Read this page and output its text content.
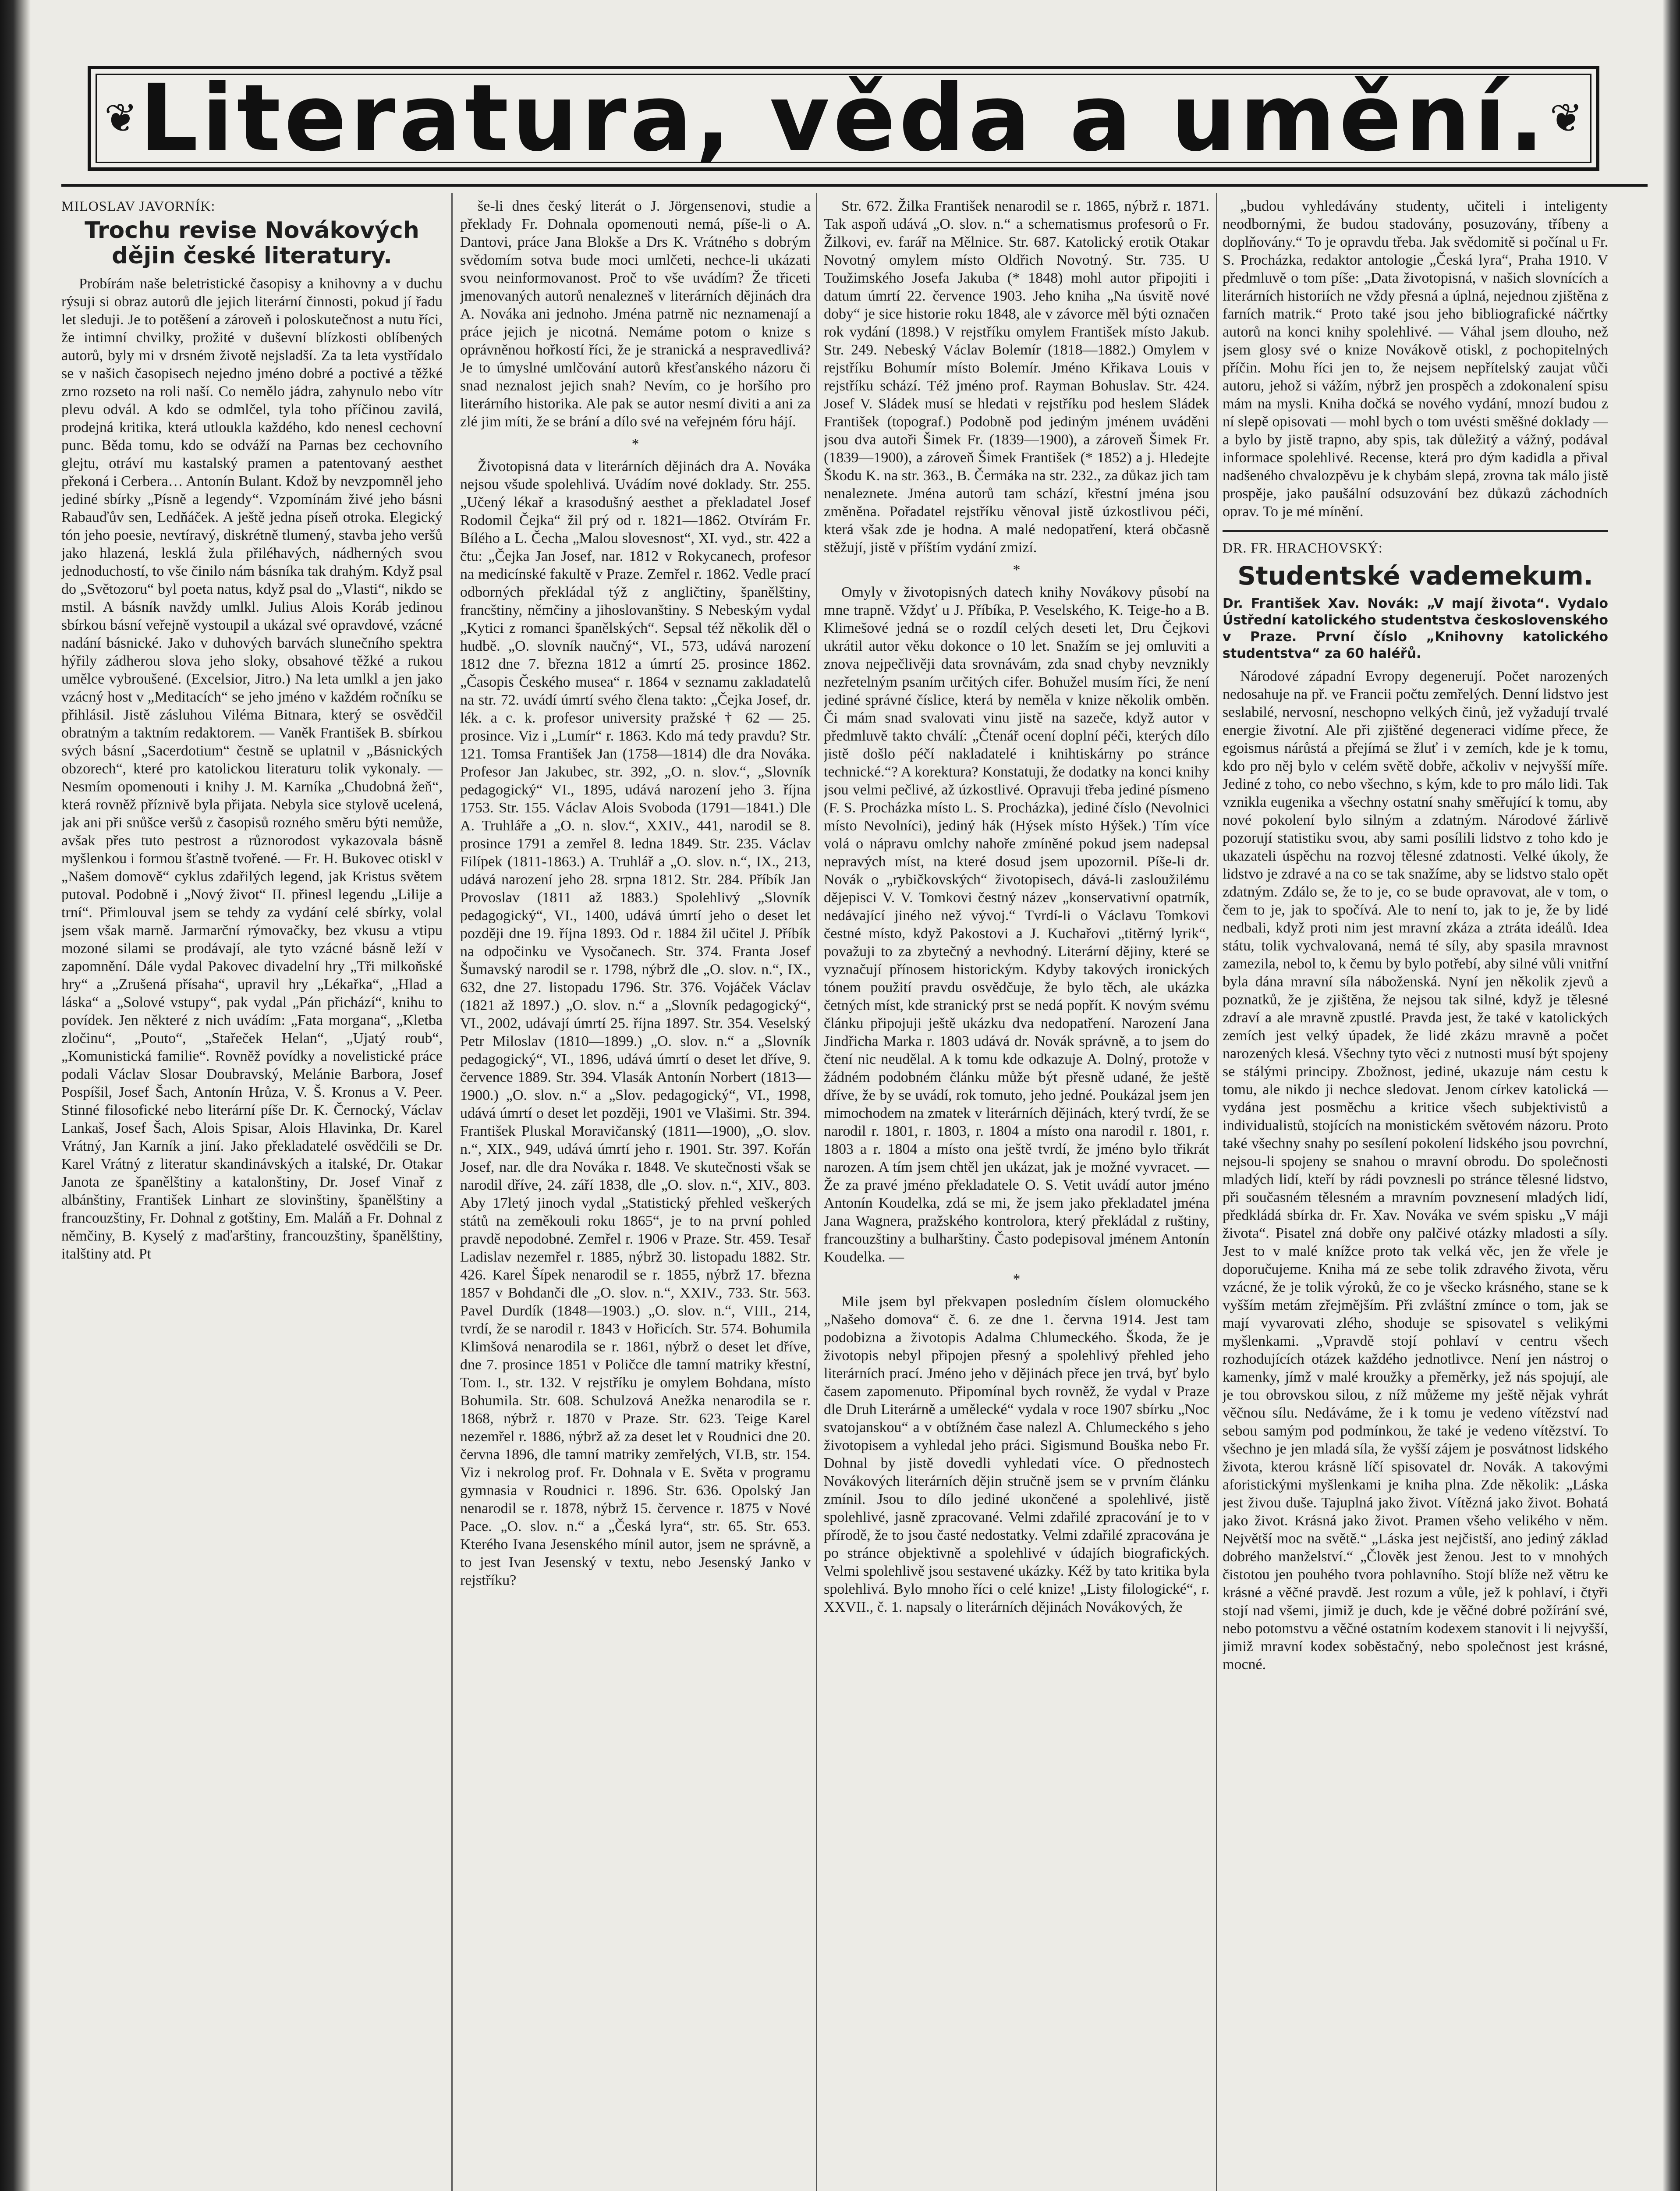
❦ Literatura, věda a umění. ❦
MILOSLAV JAVORNÍK:
Trochu revise Novákových dějin české literatury.

Probírám naše beletristické časopisy a knihovny a v duchu rýsuji si obraz autorů dle jejich literární činnosti, pokud jí řadu let sleduji. Je to potěšení a zároveň i poloskutečnost a nutu říci, že intimní chvilky, prožité v duševní blízkosti oblíbených autorů, byly mi v drsném životě nejsladší. Za ta leta vystřídalo se v našich časopisech nejedno jméno dobré a poctivé a těžké zrno rozseto na roli naší. Co nemělo jádra, zahynulo nebo vítr plevu odvál. A kdo se odmlčel, tyla toho příčinou zavilá, prodejná kritika, která utloukla každého, kdo nenesl cechovní punc. Běda tomu, kdo se odváží na Parnas bez cechovního glejtu, otráví mu kastalský pramen a patentovaný aesthet překoná i Cerbera… Antonín Bulant. Kdož by nevzpomněl jeho jediné sbírky „Písně a legendy“. Vzpomínám živé jeho básni Rabauďův sen, Ledňáček. A ještě jedna píseň otroka. Elegický tón jeho poesie, nevtíravý, diskrétně tlumený, stavba jeho veršů jako hlazená, lesklá žula přiléhavých, nádherných svou jednoduchostí, to vše činilo nám básníka tak drahým. Když psal do „Světozoru“ byl poeta natus, když psal do „Vlasti“, nikdo se mstil. A básník navždy umlkl. Julius Alois Koráb jedinou sbírkou básní veřejně vystoupil a ukázal své opravdové, vzácné nadání básnické. Jako v duhových barvách slunečního spektra hýřily zádherou slova jeho sloky, obsahové těžké a rukou umělce vybroušené. (Excelsior, Jitro.) Na leta umlkl a jen jako vzácný host v „Meditacích“ se jeho jméno v každém ročníku se přihlásil. Jistě zásluhou Viléma Bitnara, který se osvědčil obratným a taktním redaktorem. — Vaněk František B. sbírkou svých básní „Sacerdotium“ čestně se uplatnil v „Básnických obzorech“, které pro katolickou literaturu tolik vykonaly. — Nesmím opomenouti i knihy J. M. Karníka „Chudobná žeň“, která rovněž příznivě byla přijata. Nebyla sice stylově ucelená, jak ani při snůšce veršů z časopisů rozného směru býti nemůže, avšak přes tuto pestrost a různorodost vykazovala básně myšlenkou i formou šťastně tvořené. — Fr. H. Bukovec otiskl v „Našem domově“ cyklus zdařilých legend, jak Kristus světem putoval. Podobně i „Nový život“ II. přinesl legendu „Lilije a trní“. Přimlouval jsem se tehdy za vydání celé sbírky, volal jsem však marně. Jarmarční rýmovačky, bez vkusu a vtipu mozoné silami se prodávají, ale tyto vzácné básně leží v zapomnění. Dále vydal Pakovec divadelní hry „Tři milkoňské hry“ a „Zrušená přísaha“, upravil hry „Lékařka“, „Hlad a láska“ a „Solové vstupy“, pak vydal „Pán přichází“, knihu to povídek. Jen některé z nich uvádím: „Fata morgana“, „Kletba zločinu“, „Pouto“, „Stařeček Helan“, „Ujatý roub“, „Komunistická familie“. Rovněž povídky a novelistické práce podali Václav Slosar Doubravský, Melánie Barbora, Josef Pospíšil, Josef Šach, Antonín Hrůza, V. Š. Kronus a V. Peer. Stinné filosofické nebo literární píše Dr. K. Černocký, Václav Lankaš, Josef Šach, Alois Spisar, Alois Hlavinka, Dr. Karel Vrátný, Jan Karník a jiní. Jako překladatelé osvědčili se Dr. Karel Vrátný z literatur skandinávských a italské, Dr. Otakar Janota ze španělštiny a katalonštiny, Dr. Josef Vinař z albánštiny, František Linhart ze slovinštiny, španělštiny a francouzštiny, Fr. Dohnal z gotštiny, Em. Maláň a Fr. Dohnal z němčiny, B. Kyselý z maďarštiny, francouzštiny, španělštiny, italštiny atd. Pt

še-li dnes český literát o J. Jörgensenovi, studie a překlady Fr. Dohnala opomenouti nemá, píše-li o A. Dantovi, práce Jana Blokše a Drs K. Vrátného s dobrým svědomím sotva bude moci umlčeti, nechce-li ukázati svou neinformovanost. Proč to vše uvádím? Že třiceti jmenovaných autorů nenalezneš v literárních dějinách dra A. Nováka ani jednoho. Jména patrně nic neznamenají a práce jejich je nicotná. Nemáme potom o knize s oprávněnou hořkostí říci, že je stranická a nespravedlivá? Je to úmyslné umlčování autorů křesťanského názoru či snad neznalost jejich snah? Nevím, co je horšího pro literárního historika. Ale pak se autor nesmí diviti a ani za zlé jim míti, že se brání a dílo své na veřejném fóru hájí.

*

Životopisná data v literárních dějinách dra A. Nováka nejsou všude spolehlivá. Uvádím nové doklady. Str. 255. „Učený lékař a krasodušný aesthet a překladatel Josef Rodomil Čejka“ žil prý od r. 1821—1862. Otvírám Fr. Bílého a L. Čecha „Malou slovesnost“, XI. vyd., str. 422 a čtu: „Čejka Jan Josef, nar. 1812 v Rokycanech, profesor na medicínské fakultě v Praze. Zemřel r. 1862. Vedle prací odborných překládal týž z angličtiny, španělštiny, francštiny, němčiny a jihoslovanštiny. S Nebeským vydal „Kytici z romanci španělských“. Sepsal též několik děl o hudbě. „O. slovník naučný“, VI., 573, udává narození 1812 dne 7. března 1812 a úmrtí 25. prosince 1862. „Časopis Českého musea“ r. 1864 v seznamu zakladatelů na str. 72. uvádí úmrtí svého člena takto: „Čejka Josef, dr. lék. a c. k. profesor university pražské † 62 — 25. prosince. Viz i „Lumír“ r. 1863. Kdo má tedy pravdu? Str. 121. Tomsa František Jan (1758—1814) dle dra Nováka. Profesor Jan Jakubec, str. 392, „O. n. slov.“, „Slovník pedagogický“ VI., 1895, udává narození jeho 3. října 1753. Str. 155. Václav Alois Svoboda (1791—1841.) Dle A. Truhláře a „O. n. slov.“, XXIV., 441, narodil se 8. prosince 1791 a zemřel 8. ledna 1849. Str. 235. Václav Filípek (1811-1863.) A. Truhlář a „O. slov. n.“, IX., 213, udává narození jeho 28. srpna 1812. Str. 284. Příbík Jan Provoslav (1811 až 1883.) Spolehlivý „Slovník pedagogický“, VI., 1400, udává úmrtí jeho o deset let později dne 19. října 1893. Od r. 1884 žil učitel J. Příbík na odpočinku ve Vysočanech. Str. 374. Franta Josef Šumavský narodil se r. 1798, nýbrž dle „O. slov. n.“, IX., 632, dne 27. listopadu 1796. Str. 376. Vojáček Václav (1821 až 1897.) „O. slov. n.“ a „Slovník pedagogický“, VI., 2002, udávají úmrtí 25. října 1897. Str. 354. Veselský Petr Miloslav (1810—1899.) „O. slov. n.“ a „Slovník pedagogický“, VI., 1896, udává úmrtí o deset let dříve, 9. července 1889. Str. 394. Vlasák Antonín Norbert (1813—1900.) „O. slov. n.“ a „Slov. pedagogický“, VI., 1998, udává úmrtí o deset let později, 1901 ve Vlašimi. Str. 394. František Pluskal Moravičanský (1811—1900), „O. slov. n.“, XIX., 949, udává úmrtí jeho r. 1901. Str. 397. Kořán Josef, nar. dle dra Nováka r. 1848. Ve skutečnosti však se narodil dříve, 24. září 1838, dle „O. slov. n.“, XIV., 803. Aby 17letý jinoch vydal „Statistický přehled veškerých států na zeměkouli roku 1865“, je to na první pohled pravdě nepodobné. Zemřel r. 1906 v Praze. Str. 459. Tesař Ladislav nezemřel r. 1885, nýbrž 30. listopadu 1882. Str. 426. Karel Šípek nenarodil se r. 1855, nýbrž 17. března 1857 v Bohdanči dle „O. slov. n.“, XXIV., 733. Str. 563. Pavel Durdík (1848—1903.) „O. slov. n.“, VIII., 214, tvrdí, že se narodil r. 1843 v Hořicích. Str. 574. Bohumila Klimšová nenarodila se r. 1861, nýbrž o deset let dříve, dne 7. prosince 1851 v Poličce dle tamní matriky křestní, Tom. I., str. 132. V rejstříku je omylem Bohdana, místo Bohumila. Str. 608. Schulzová Anežka nenarodila se r. 1868, nýbrž r. 1870 v Praze. Str. 623. Teige Karel nezemřel r. 1886, nýbrž až za deset let v Roudnici dne 20. června 1896, dle tamní matriky zemřelých, VI.B, str. 154. Viz i nekrolog prof. Fr. Dohnala v E. Světa v programu gymnasia v Roudnici r. 1896. Str. 636. Opolský Jan nenarodil se r. 1878, nýbrž 15. července r. 1875 v Nové Pace. „O. slov. n.“ a „Česká lyra“, str. 65. Str. 653. Kterého Ivana Jesenského mínil autor, jsem ne správně, a to jest Ivan Jesenský v textu, nebo Jesenský Janko v rejstříku?

Str. 672. Žilka František nenarodil se r. 1865, nýbrž r. 1871. Tak aspoň udává „O. slov. n.“ a schematismus profesorů o Fr. Žilkovi, ev. farář na Mělnice. Str. 687. Katolický erotik Otakar Novotný omylem místo Oldřich Novotný. Str. 735. U Toužimského Josefa Jakuba (* 1848) mohl autor připojiti i datum úmrtí 22. července 1903. Jeho kniha „Na úsvitě nové doby“ je sice historie roku 1848, ale v závorce měl býti označen rok vydání (1898.) V rejstříku omylem František místo Jakub. Str. 249. Nebeský Václav Bolemír (1818—1882.) Omylem v rejstříku Bohumír místo Bolemír. Jméno Křikava Louis v rejstříku schází. Též jméno prof. Rayman Bohuslav. Str. 424. Josef V. Sládek musí se hledati v rejstříku pod heslem Sládek František (topograf.) Podobně pod jediným jménem uváděni jsou dva autoři Šimek Fr. (1839—1900), a zároveň Šimek Fr. (1839—1900), a zároveň Šimek František (* 1852) a j. Hledejte Škodu K. na str. 363., B. Čermáka na str. 232., za důkaz jich tam nenaleznete. Jména autorů tam schází, křestní jména jsou změněna. Pořadatel rejstříku věnoval jistě úzkostlivou péči, která však zde je hodna. A malé nedopatření, která občasně stěžují, jistě v příštím vydání zmizí.

*

Omyly v životopisných datech knihy Novákovy působí na mne trapně. Vždyť u J. Příbíka, P. Veselského, K. Teige-ho a B. Klimešové jedná se o rozdíl celých deseti let, Dru Čejkovi ukrátil autor věku dokonce o 10 let. Snažím se jej omluviti a znova nejpečlivěji data srovnávám, zda snad chyby nevznikly nezřetelným psaním určitých cifer. Bohužel musím říci, že není jediné správné číslice, která by neměla v knize několik omběn. Či mám snad svalovati vinu jistě na sazeče, když autor v předmluvě takto chválí: „Čtenář ocení doplní péči, kterých dílo jistě došlo péčí nakladatelé i knihtiskárny po stránce technické.“? A korektura? Konstatuji, že dodatky na konci knihy jsou velmi pečlivé, až úzkostlivé. Opravuji třeba jediné písmeno (F. S. Procházka místo L. S. Procházka), jediné číslo (Nevolnici místo Nevolníci), jediný hák (Hýsek místo Hýšek.) Tím více volá o nápravu omlchy nahoře zmíněné pokud jsem nadepsal nepravých míst, na které dosud jsem upozornil. Píše-li dr. Novák o „rybičkovských“ životopisech, dává-li zasloužilému dějepisci V. V. Tomkovi čestný název „konservativní opatrník, nedávající jiného než vývoj.“ Tvrdí-li o Václavu Tomkovi čestné místo, když Pakostovi a J. Kuchařovi „titěrný lyrik“, považuji to za zbytečný a nevhodný. Literární dějiny, které se vyznačují přínosem historickým. Kdyby takových ironických tónem použití pravdu osvědčuje, že bylo těch, ale ukázka četných míst, kde stranický prst se nedá popřít. K novým svému článku připojuji ještě ukázku dva nedopatření. Narození Jana Jindřicha Marka r. 1803 udává dr. Novák správně, a to jsem do čtení nic neudělal. A k tomu kde odkazuje A. Dolný, protože v žádném podobném článku může být přesně udané, že ještě dříve, že by se uvádí, rok tomuto, jeho jedné. Poukázal jsem jen mimochodem na zmatek v literárních dějinách, který tvrdí, že se narodil r. 1801, r. 1803, r. 1804 a místo ona narodil r. 1801, r. 1803 a r. 1804 a místo ona ještě tvrdí, že jméno bylo třikrát narozen. A tím jsem chtěl jen ukázat, jak je možné vyvracet. — Že za pravé jméno překladatele O. S. Vetit uvádí autor jméno Antonín Koudelka, zdá se mi, že jsem jako překladatel jména Jana Wagnera, pražského kontrolora, který překládal z ruštiny, francouzštiny a bulharštiny. Často podepisoval jménem Antonín Koudelka. —

*

Mile jsem byl překvapen posledním číslem olomuckého „Našeho domova“ č. 6. ze dne 1. června 1914. Jest tam podobizna a životopis Adalma Chlumeckého. Škoda, že je životopis nebyl připojen přesný a spolehlivý přehled jeho literárních prací. Jméno jeho v dějinách přece jen trvá, byť bylo časem zapomenuto. Připomínal bych rovněž, že vydal v Praze dle Druh Literárně a umělecké“ vydala v roce 1907 sbírku „Noc svatojanskou“ a v obtížném čase nalezl A. Chlumeckého s jeho životopisem a vyhledal jeho práci. Sigismund Bouška nebo Fr. Dohnal by jistě dovedli vyhledati více. O přednostech Novákových literárních dějin stručně jsem se v prvním článku zmínil. Jsou to dílo jediné ukončené a spolehlivé, jistě spolehlivé, jasně zpracované. Velmi zdařilé zpracování je to v přírodě, že to jsou časté nedostatky. Velmi zdařilé zpracována je po stránce objektivně a spolehlivé v údajích biografických. Velmi spolehlivě jsou sestavené ukázky. Kéž by tato kritika byla spolehlivá. Bylo mnoho říci o celé knize! „Listy filologické“, r. XXVII., č. 1. napsaly o literárních dějinách Novákových, že

„budou vyhledávány studenty, učiteli i inteligenty neodbornými, že budou stadovány, posuzovány, tříbeny a doplňovány.“ To je opravdu třeba. Jak svědomitě si počínal u Fr. S. Procházka, redaktor antologie „Česká lyra“, Praha 1910. V předmluvě o tom píše: „Data životopisná, v našich slovnících a literárních historiích ne vždy přesná a úplná, nejednou zjištěna z farních matrik.“ Proto také jsou jeho bibliografické náčrtky autorů na konci knihy spolehlivé. — Váhal jsem dlouho, než jsem glosy své o knize Novákově otiskl, z pochopitelných příčin. Mohu říci jen to, že nejsem nepřítelský zaujat vůči autoru, jehož si vážím, nýbrž jen prospěch a zdokonalení spisu mám na mysli. Kniha dočká se nového vydání, mnozí budou z ní slepě opisovati — mohl bych o tom uvésti směšné doklady — a bylo by jistě trapno, aby spis, tak důležitý a vážný, podával informace spolehlivé. Recense, která pro dým kadidla a přival nadšeného chvalozpěvu je k chybám slepá, zrovna tak málo jistě prospěje, jako paušální odsuzování bez důkazů záchodních oprav. To je mé mínění.

DR. FR. HRACHOVSKÝ:
Studentské vademekum.
Dr. František Xav. Novák: „V mají života“. Vydalo Ústřední katolického studentstva československého v Praze. První číslo „Knihovny katolického studentstva“ za 60 haléřů.

Národové západní Evropy degenerují. Počet narozených nedosahuje na př. ve Francii počtu zemřelých. Denní lidstvo jest seslabilé, nervosní, neschopno velkých činů, jež vyžadují trvalé energie životní. Ale při zjištěné degeneraci vidíme přece, že egoismus nárůstá a přejímá se žluť i v zemích, kde je k tomu, kdo pro něj bylo v celém světě dobře, ačkoliv v nejvyšší míře. Jediné z toho, co nebo všechno, s kým, kde to pro málo lidi. Tak vznikla eugenika a všechny ostatní snahy směřující k tomu, aby nové pokolení bylo silným a zdatným. Národové žárlivě pozorují statistiku svou, aby sami posílili lidstvo z toho kdo je ukazateli úspěchu na rozvoj tělesné zdatnosti. Velké úkoly, že lidstvo je zdravé a na co se tak snažíme, aby se lidstvo stalo opět zdatným. Zdálo se, že to je, co se bude opravovat, ale v tom, o čem to je, jak to spočívá. Ale to není to, jak to je, že by lidé nedbali, když proti nim jest mravní zkáza a ztráta ideálů. Idea státu, tolik vychvalovaná, nemá té síly, aby spasila mravnost zamezila, nebol to, k čemu by bylo potřebí, aby silné vůli vnitřní byla dána mravní síla náboženská. Nyní jen několik zjevů a poznatků, že je zjištěna, že nejsou tak silné, když je tělesné zdraví a ale mravně zpustlé. Pravda jest, že také v katolických zemích jest velký úpadek, že lidé zkázu mravně a počet narozených klesá. Všechny tyto věci z nutnosti musí být spojeny se stálými principy. Zbožnost, jediné, ukazuje nám cestu k tomu, ale nikdo ji nechce sledovat. Jenom církev katolická — vydána jest posměchu a kritice všech subjektivistů a individualistů, stojících na monistickém světovém názoru. Proto také všechny snahy po sesílení pokolení lidského jsou povrchní, nejsou-li spojeny se snahou o mravní obrodu. Do společnosti mladých lidí, kteří by rádi povznesli po stránce tělesné lidstvo, při současném tělesném a mravním povznesení mladých lidí, předkládá sbírka dr. Fr. Xav. Nováka ve svém spisku „V máji života“. Pisatel zná dobře ony palčivé otázky mladosti a síly. Jest to v malé knížce proto tak velká věc, jen že vřele je doporučujeme. Kniha má ze sebe tolik zdravého života, věru vzácné, že je tolik výroků, že co je všecko krásného, stane se k vyšším metám zřejmějším. Při zvláštní zmínce o tom, jak se mají vyvarovati zlého, shoduje se spisovatel s velikými myšlenkami. „Vpravdě stojí pohlaví v centru všech rozhodujících otázek každého jednotlivce. Není jen nástroj o kamenky, jímž v malé kroužky a přeměrky, jež nás spojují, ale je tou obrovskou silou, z níž můžeme my ještě nějak vyhrát věčnou sílu. Nedáváme, že i k tomu je vedeno vítězství nad sebou samým pod podmínkou, že také je vedeno vítězství. To všechno je jen mladá síla, že vyšší zájem je posvátnost lidského života, kterou krásně líčí spisovatel dr. Novák. A takovými aforistickými myšlenkami je kniha plna. Zde několik: „Láska jest živou duše. Tajuplná jako život. Vítězná jako život. Bohatá jako život. Krásná jako život. Pramen všeho velikého v něm. Největší moc na světě.“ „Láska jest nejčistší, ano jediný základ dobrého manželství.“ „Člověk jest ženou. Jest to v mnohých čistotou jen pouhého tvora pohlavního. Stojí blíže než větru ke krásné a věčné pravdě. Jest rozum a vůle, jež k pohlaví, i čtyři stojí nad všemi, jimiž je duch, kde je věčné dobré požírání své, nebo potomstvu a věčné ostatním kodexem stanovit i li nejvyšší, jimiž mravní kodex soběstačný, nebo společnost jest krásné, mocné.
